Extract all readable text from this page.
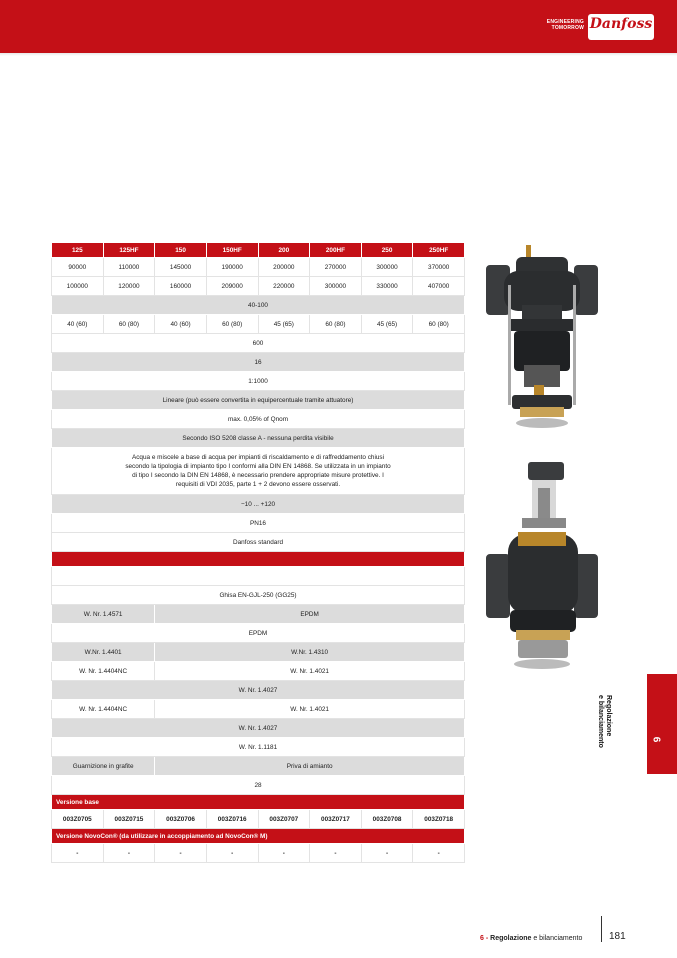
ENGINEERING
TOMORROW Danfoss
125	125HF	150	150HF	200	200HF	250	250HF
90000	110000	145000	190000	200000	270000	300000	370000
100000	120000	160000	209000	220000	300000	330000	407000
40-100							
40 (60)	60 (80)	40 (60)	60 (80)	45 (65)	60 (80)	45 (65)	60 (80)
600							
16							
1:1000							
Lineare (può essere convertita in equipercentuale tramite attuatore)							
max. 0,05% of Qnom							
Secondo ISO 5208 classe A - nessuna perdita visibile							
Acqua e miscele a base di acqua per impianti di riscaldamento e di raffreddamento chiusi secondo la tipologia di impianto tipo I conformi alla DIN EN 14868. Se utilizzata in un impianto di tipo I secondo la DIN EN 14868, è necessario prendere appropriate misure protettive. I requisiti di VDI 2035, parte 1 + 2 devono essere osservati.							
−10 ... +120							
PN16							
Danfoss standard							

Ghisa EN-GJL-250 (GG25)							
W. Nr. 1.4571		EPDM					
EPDM							
W.Nr. 1.4401		W.Nr. 1.4310					
W. Nr. 1.4404NC		W. Nr. 1.4021					
W. Nr. 1.4027							
W. Nr. 1.4404NC		W. Nr. 1.4021					
W. Nr. 1.4027							
W. Nr. 1.1181							
Guarnizione in grafite		Priva di amianto					
28							
Versione base							
003Z0705	003Z0715	003Z0706	003Z0716	003Z0707	003Z0717	003Z0708	003Z0718
Versione NovoCon® (da utilizzare in accoppiamento ad NovoCon® M)							
-	-	-	-	-	-	-	-
6
Regolazione
e bilanciamento
6 - Regolazione e bilanciamento	181
